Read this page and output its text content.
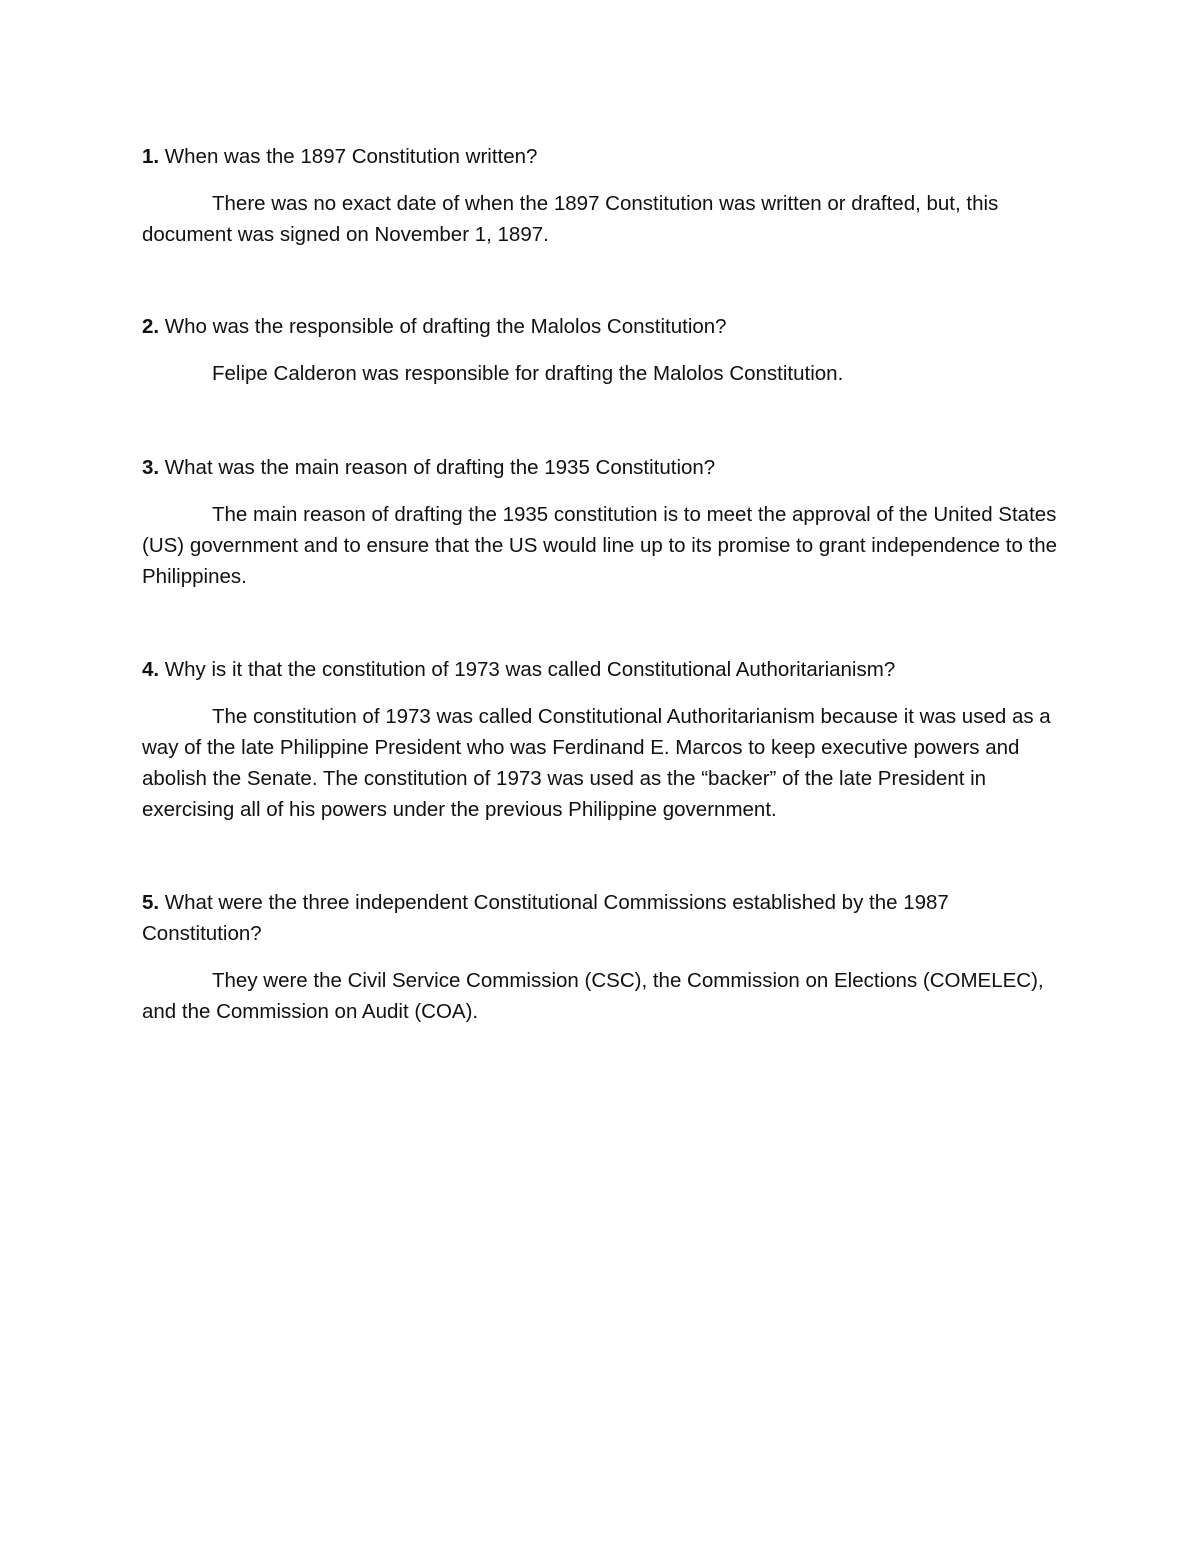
1. When was the 1897 Constitution written?

There was no exact date of when the 1897 Constitution was written or drafted, but, this document was signed on November 1, 1897.

2. Who was the responsible of drafting the Malolos Constitution?

Felipe Calderon was responsible for drafting the Malolos Constitution.

3. What was the main reason of drafting the 1935 Constitution?

The main reason of drafting the 1935 constitution is to meet the approval of the United States (US) government and to ensure that the US would line up to its promise to grant independence to the Philippines.

4. Why is it that the constitution of 1973 was called Constitutional Authoritarianism?

The constitution of 1973 was called Constitutional Authoritarianism because it was used as a way of the late Philippine President who was Ferdinand E. Marcos to keep executive powers and abolish the Senate. The constitution of 1973 was used as the “backer” of the late President in exercising all of his powers under the previous Philippine government.

5. What were the three independent Constitutional Commissions established by the 1987 Constitution?

They were the Civil Service Commission (CSC), the Commission on Elections (COMELEC), and the Commission on Audit (COA).
